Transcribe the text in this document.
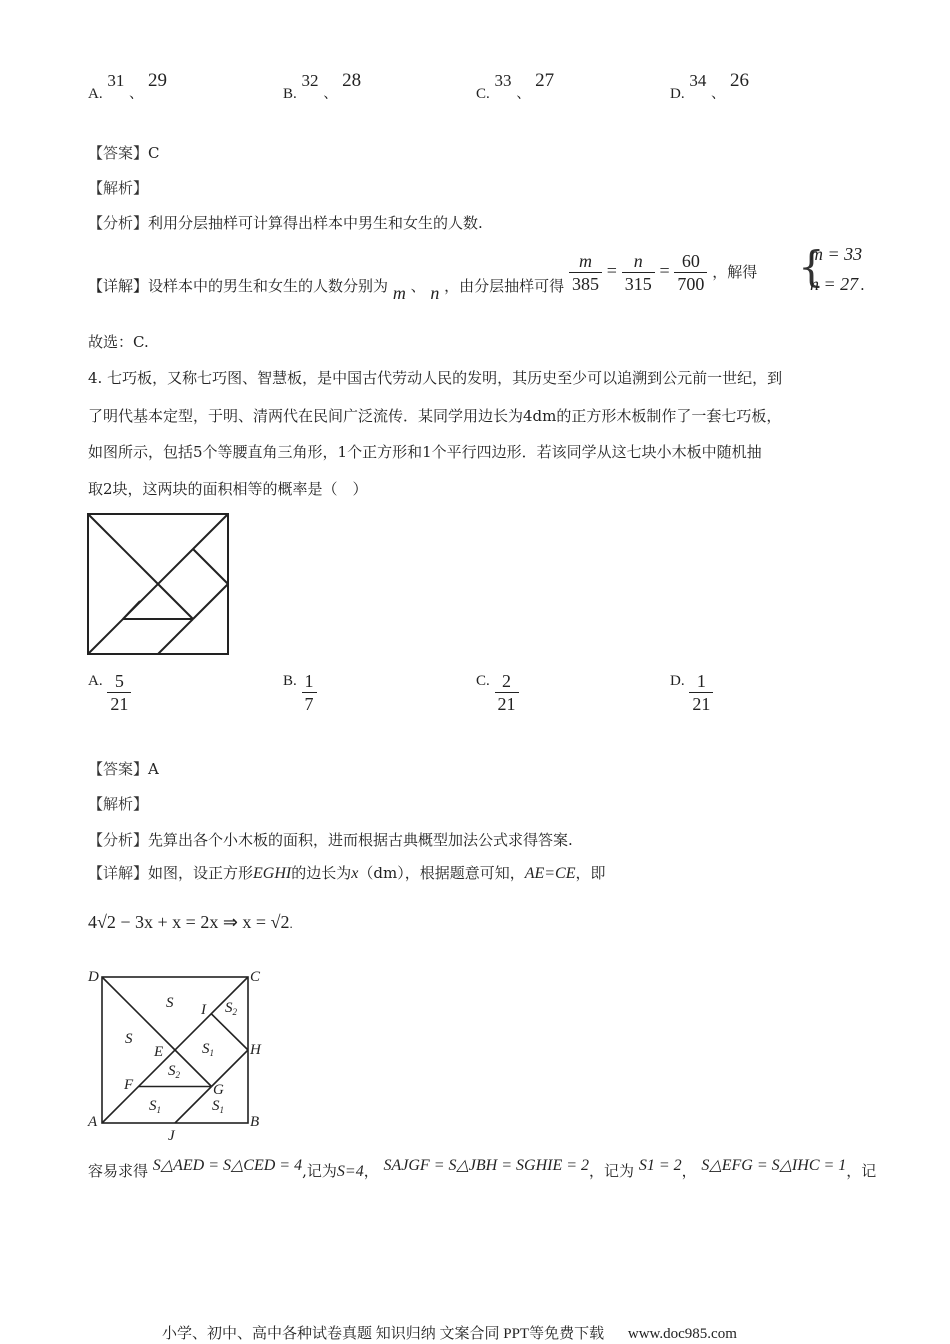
A. 31 、 29
B. 32 、 28
C. 33 、 27
D. 34 、 26
【答案】C
【解析】
【分析】利用分层抽样可计算得出样本中男生和女生的人数.
【详解】设样本中的男生和女生的人数分别为 m 、 n ，由分层抽样可得 $\frac{m}{385} = \frac{n}{315} = \frac{60}{700}$ ，解得 {
m = 33
n = 27 .
故选：C.
4. 七巧板，又称七巧图、智慧板，是中国古代劳动人民的发明，其历史至少可以追溯到公元前一世纪，到
了明代基本定型，于明、清两代在民间广泛流传．某同学用边长为4dm的正方形木板制作了一套七巧板，
如图所示，包括5个等腰直角三角形，1个正方形和1个平行四边形．若该同学从这七块小木板中随机抽
取2块，这两块的面积相等的概率是（　）
A. $\frac{5}{21}$	B. $\frac{1}{7}$	C. $\frac{2}{21}$	D. $\frac{1}{21}$
【答案】A
【解析】
【分析】先算出各个小木板的面积，进而根据古典概型加法公式求得答案.
【详解】如图，设正方形EGHI的边长为x（dm），根据题意可知，AE=CE，即
4√2 − 3x + x = 2x ⇒ x = √2.
D	C
A	B
E
F	G
H
I
J
S
S
$S_1$
$S_2$
$S_1$	$S_1$
$S_2$
容易求得 S△AED = S△CED = 4,记为S=4， SAJGF = S△JBH = SGHIE = 2，记为 S1 = 2， S△EFG = S△IHC = 1，记
小学、初中、高中各种试卷真题 知识归纳 文案合同 PPT等免费下载 www.doc985.com
